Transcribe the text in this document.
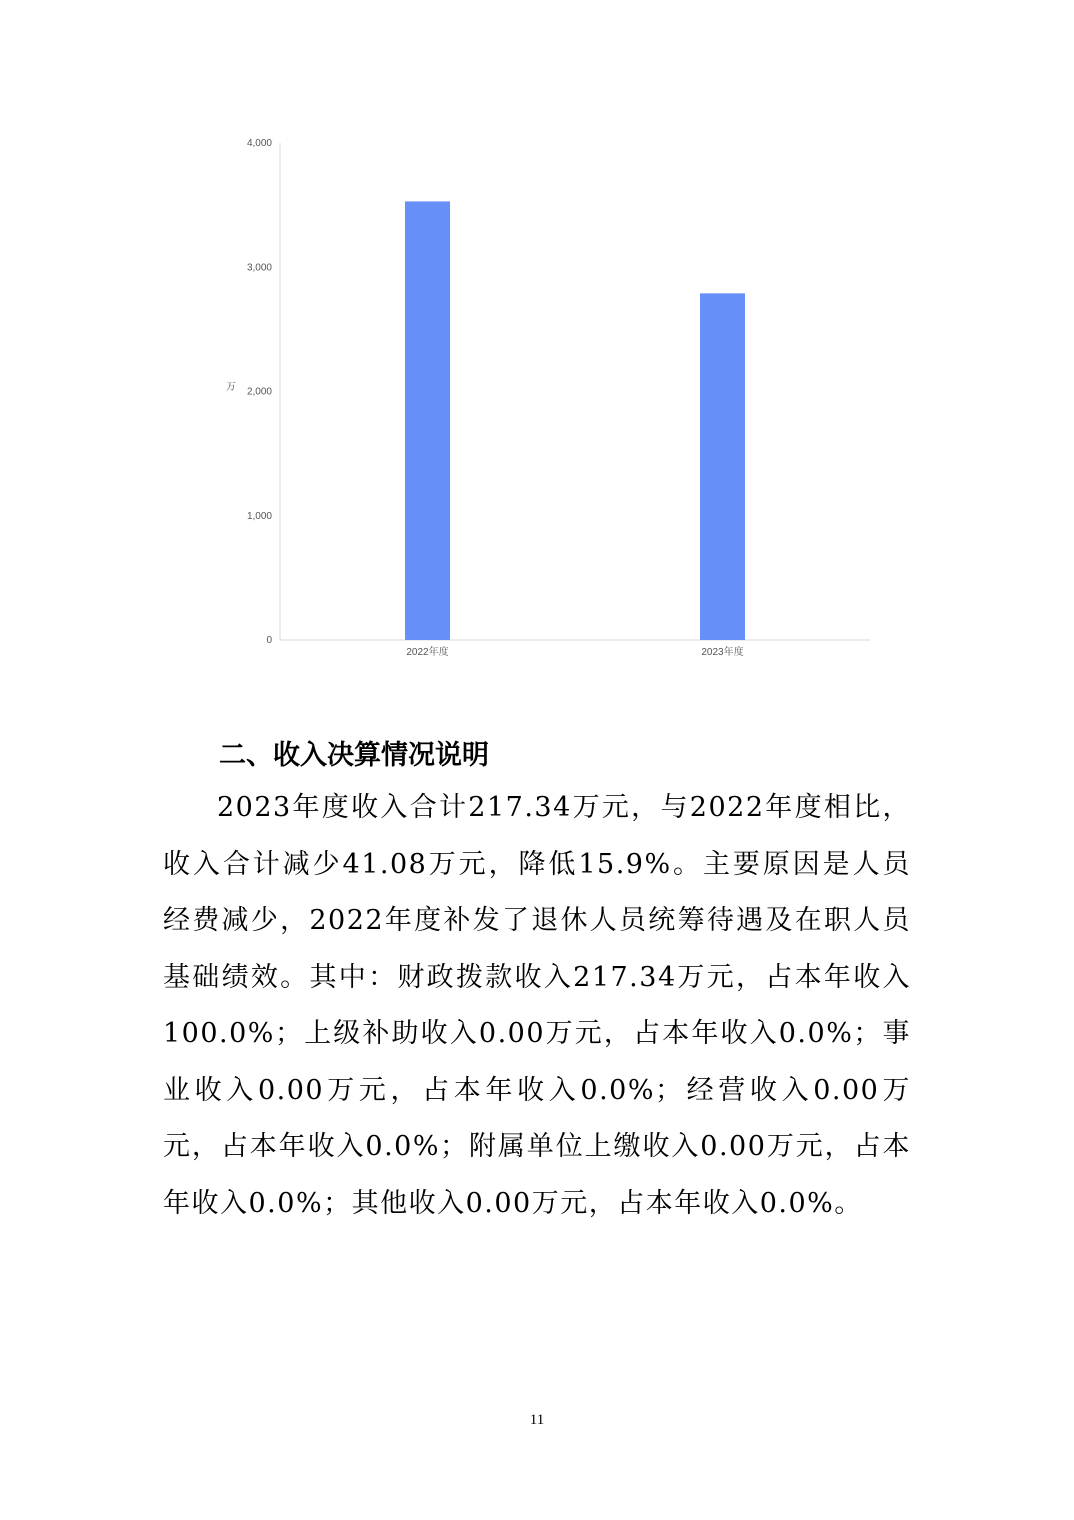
万
0
1,000
2,000
3,000
4,000
2022年度	2023年度
二、收入决算情况说明

2023年度收入合计217.34万元，与2022年度相比，收入合计减少41.08万元，降低15.9%。主要原因是人员经费减少，2022年度补发了退休人员统筹待遇及在职人员基础绩效。其中：财政拨款收入217.34万元，占本年收入100.0%；上级补助收入0.00万元，占本年收入0.0%；事业收入0.00万元，占本年收入0.0%；经营收入0.00万元，占本年收入0.0%；附属单位上缴收入0.00万元，占本年收入0.0%；其他收入0.00万元，占本年收入0.0%。

11
